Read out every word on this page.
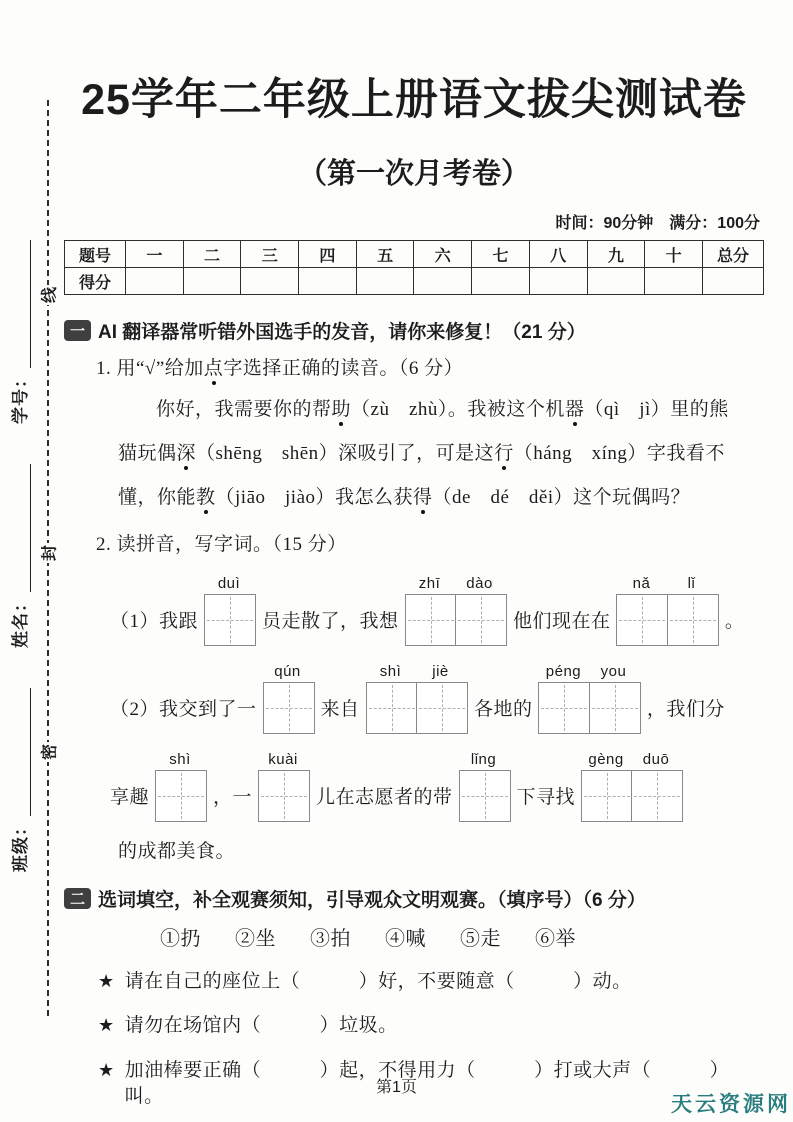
线
封
密
班级：
姓名：
学号：
25学年二年级上册语文拔尖测试卷
（第一次月考卷）
时间：90分钟　满分：100分
题号	一	二	三	四	五	六	七	八	九	十	总分
得分											
一 AI 翻译器常听错外国选手的发音，请你来修复！（21 分）
1. 用“√”给加点字选择正确的读音。（6 分）
你好，我需要你的帮助（zù　zhù）。我被这个机器（qì　jì）里的熊
猫玩偶深（shēng　shēn）深吸引了，可是这行（háng　xíng）字我看不
懂，你能教（jiāo　jiào）我怎么获得（de　dé　děi）这个玩偶吗？
2. 读拼音，写字词。（15 分）
（1）我跟
duì
员走散了，我想
zhī	dào
他们现在在
nǎ	lǐ
。
（2）我交到了一
qún
来自
shì	jiè
各地的
péng	you
，我们分
享趣
shì
，一
kuài
儿在志愿者的带
lǐng
下寻找
gèng	duō
的成都美食。
二 选词填空，补全观赛须知，引导观众文明观赛。（填序号）（6 分）
①扔 ②坐 ③拍 ④喊 ⑤走 ⑥举
★ 请在自己的座位上（　　　）好，不要随意（　　　）动。
★ 请勿在场馆内（　　　）垃圾。
★ 加油棒要正确（　　　）起，不得用力（　　　）打或大声（　　　）叫。	第1页
天云资源网
